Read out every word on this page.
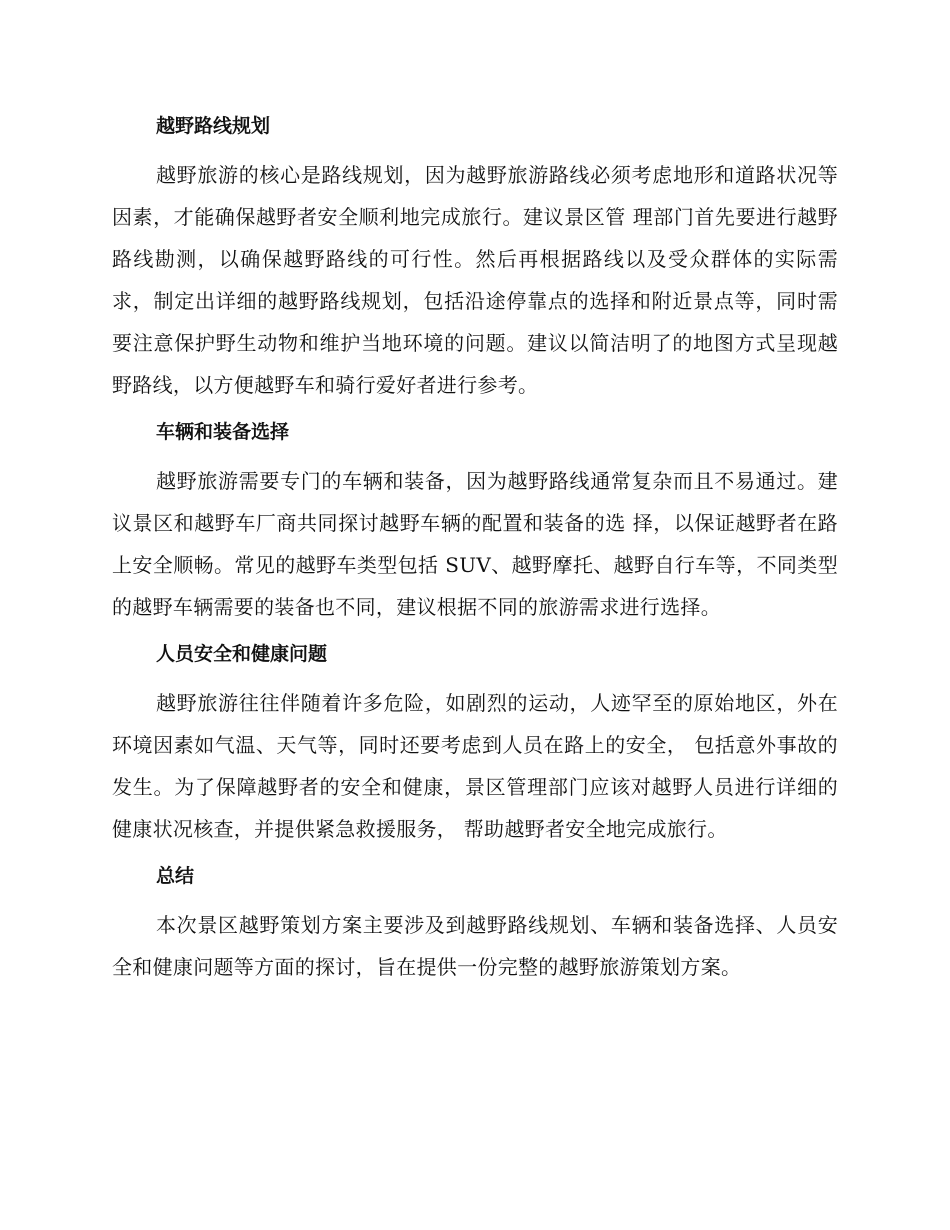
越野路线规划

越野旅游的核心是路线规划，因为越野旅游路线必须考虑地形和道路状况等因素，才能确保越野者安全顺利地完成旅行。建议景区管 理部门首先要进行越野路线勘测，以确保越野路线的可行性。然后再根据路线以及受众群体的实际需求，制定出详细的越野路线规划，包括沿途停靠点的选择和附近景点等，同时需要注意保护野生动物和维护当地环境的问题。建议以简洁明了的地图方式呈现越野路线，以方便越野车和骑行爱好者进行参考。

车辆和装备选择

越野旅游需要专门的车辆和装备，因为越野路线通常复杂而且不易通过。建议景区和越野车厂商共同探讨越野车辆的配置和装备的选 择，以保证越野者在路上安全顺畅。常见的越野车类型包括 SUV、越野摩托、越野自行车等，不同类型的越野车辆需要的装备也不同，建议根据不同的旅游需求进行选择。

人员安全和健康问题

越野旅游往往伴随着许多危险，如剧烈的运动，人迹罕至的原始地区，外在环境因素如气温、天气等，同时还要考虑到人员在路上的安全， 包括意外事故的发生。为了保障越野者的安全和健康，景区管理部门应该对越野人员进行详细的健康状况核查，并提供紧急救援服务， 帮助越野者安全地完成旅行。

总结

本次景区越野策划方案主要涉及到越野路线规划、车辆和装备选择、人员安全和健康问题等方面的探讨，旨在提供一份完整的越野旅游策划方案。
